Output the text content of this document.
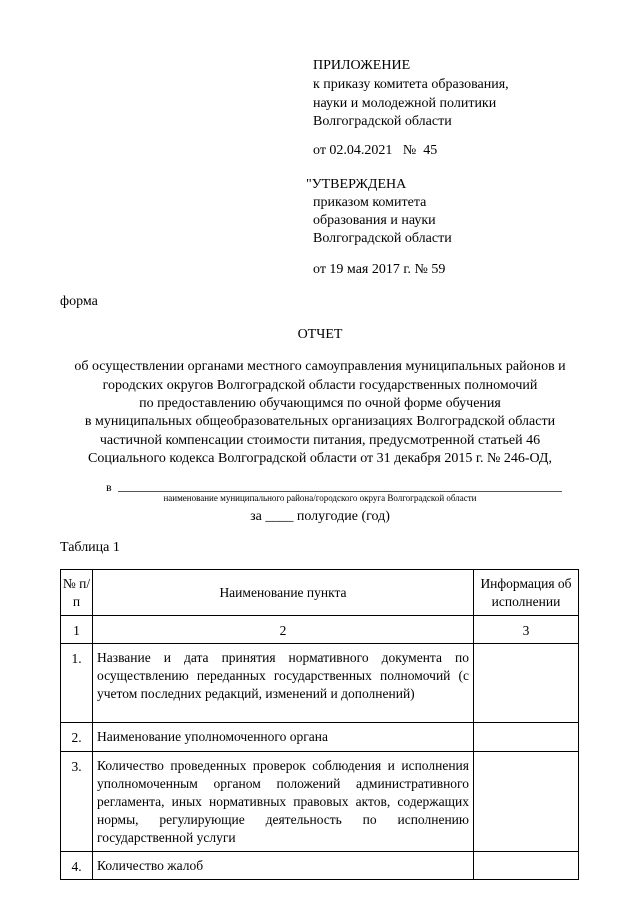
ПРИЛОЖЕНИЕ
к приказу комитета образования,
науки и молодежной политики
Волгоградской области
от 02.04.2021   №  45
"УТВЕРЖДЕНА
приказом комитета
образования и науки
Волгоградской области
от 19 мая 2017 г. № 59
форма
ОТЧЕТ
об осуществлении органами местного самоуправления муниципальных районов и
городских округов Волгоградской области государственных полномочий
по предоставлению обучающимся по очной форме обучения
в муниципальных общеобразовательных организациях Волгоградской области
частичной компенсации стоимости питания, предусмотренной статьей 46
Социального кодекса Волгоградской области от 31 декабря 2015 г. № 246-ОД,
в
наименование муниципального района/городского округа Волгоградской области
за ____ полугодие (год)
Таблица 1
№ п/п	Наименование пункта	Информация об исполнении
1	2	3
1.	Название и дата принятия нормативного документа по осуществлению переданных государственных полномочий (с учетом последних редакций, изменений и дополнений)	
2.	Наименование уполномоченного органа	
3.	Количество проведенных проверок соблюдения и исполнения уполномоченным органом положений административного регламента, иных нормативных правовых актов, содержащих нормы, регулирующие деятельность по исполнению государственной услуги	
4.	Количество жалоб	
